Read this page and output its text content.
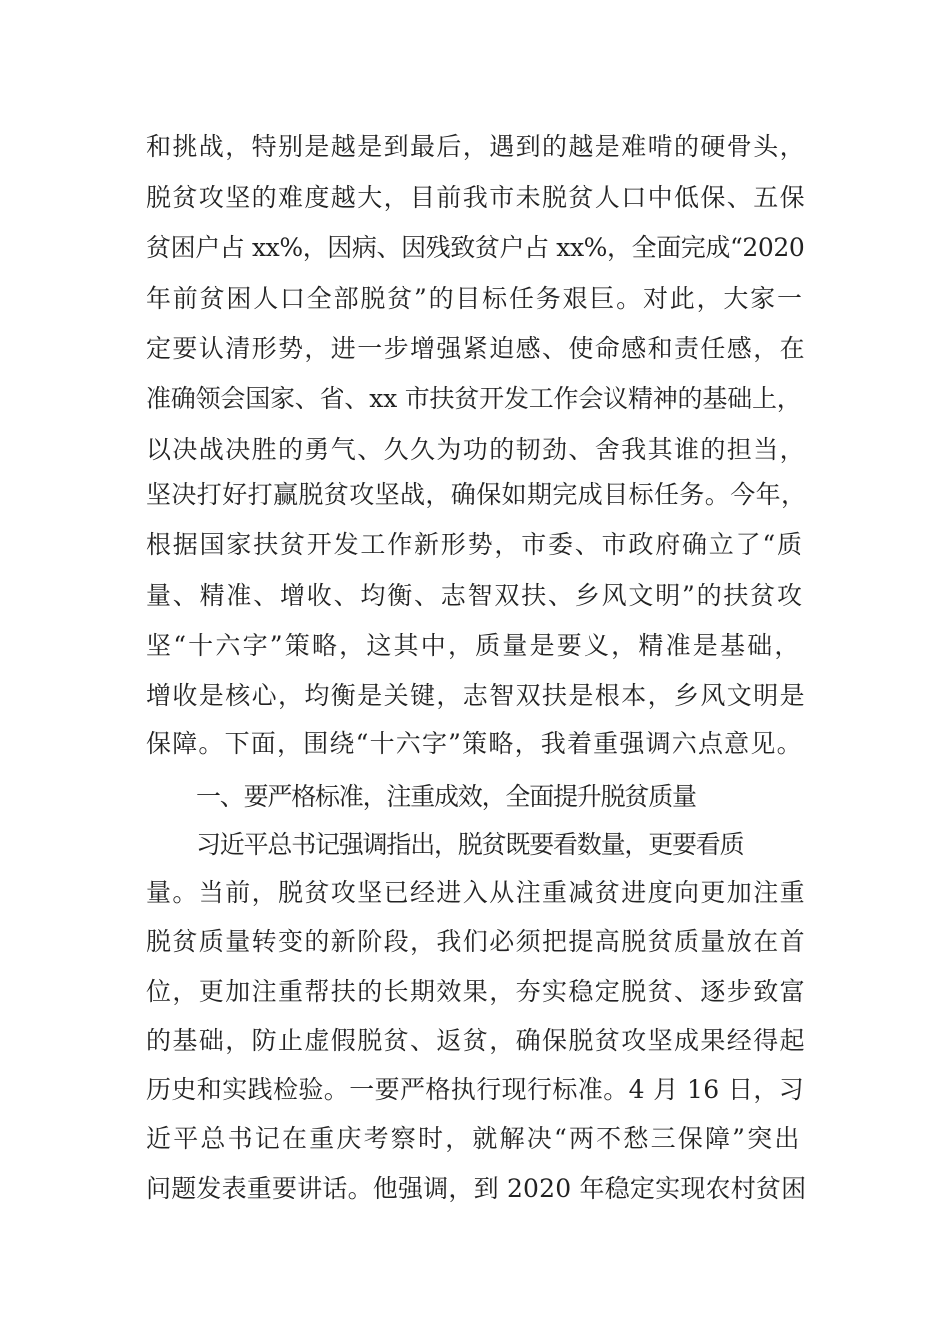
和挑战，特别是越是到最后，遇到的越是难啃的硬骨头，
脱贫攻坚的难度越大，目前我市未脱贫人口中低保、五保
贫困户占 xx%，因病、因残致贫户占 xx%，全面完成“2020
年前贫困人口全部脱贫”的目标任务艰巨。对此，大家一
定要认清形势，进一步增强紧迫感、使命感和责任感，在
准确领会国家、省、xx 市扶贫开发工作会议精神的基础上，
以决战决胜的勇气、久久为功的韧劲、舍我其谁的担当，
坚决打好打赢脱贫攻坚战，确保如期完成目标任务。今年，
根据国家扶贫开发工作新形势，市委、市政府确立了“质
量、精准、增收、均衡、志智双扶、乡风文明”的扶贫攻
坚“十六字”策略，这其中，质量是要义，精准是基础，
增收是核心，均衡是关键，志智双扶是根本，乡风文明是
保障。下面，围绕“十六字”策略，我着重强调六点意见。
一、要严格标准，注重成效，全面提升脱贫质量
习近平总书记强调指出，脱贫既要看数量，更要看质
量。当前，脱贫攻坚已经进入从注重减贫进度向更加注重
脱贫质量转变的新阶段，我们必须把提高脱贫质量放在首
位，更加注重帮扶的长期效果，夯实稳定脱贫、逐步致富
的基础，防止虚假脱贫、返贫，确保脱贫攻坚成果经得起
历史和实践检验。一要严格执行现行标准。4 月 16 日，习
近平总书记在重庆考察时，就解决“两不愁三保障”突出
问题发表重要讲话。他强调，到 2020 年稳定实现农村贫困
